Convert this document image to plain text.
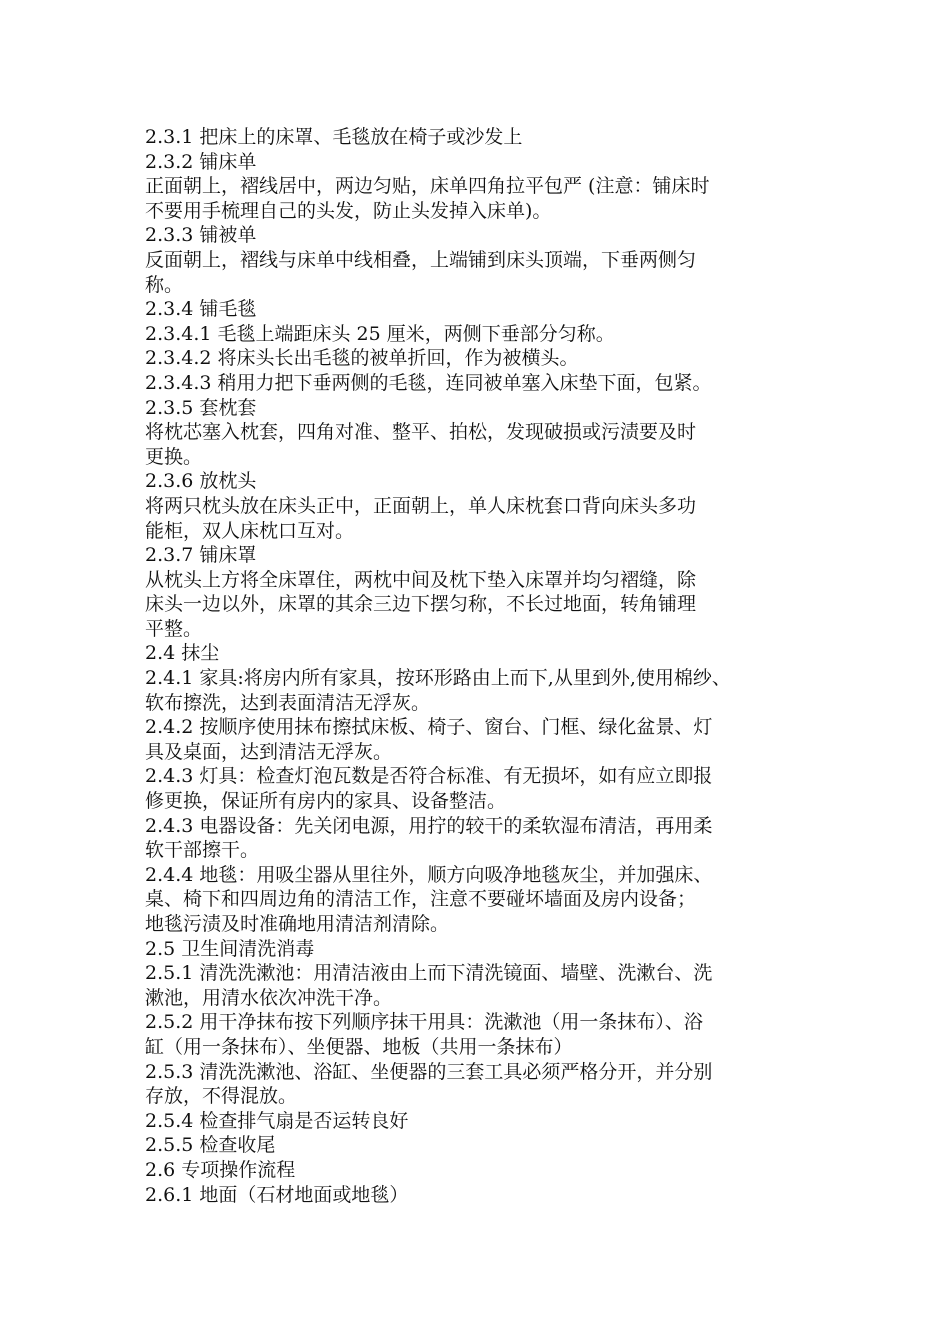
2.3.1 把床上的床罩、毛毯放在椅子或沙发上

2.3.2 铺床单

正面朝上，褶线居中，两边匀贴，床单四角拉平包严 (注意：铺床时

不要用手梳理自己的头发，防止头发掉入床单)。

2.3.3 铺被单

反面朝上，褶线与床单中线相叠，上端铺到床头顶端，下垂两侧匀

称。

2.3.4 铺毛毯

2.3.4.1 毛毯上端距床头 25 厘米，两侧下垂部分匀称。

2.3.4.2 将床头长出毛毯的被单折回，作为被横头。

2.3.4.3 稍用力把下垂两侧的毛毯，连同被单塞入床垫下面，包紧。

2.3.5 套枕套

将枕芯塞入枕套，四角对准、整平、拍松，发现破损或污渍要及时

更换。

2.3.6 放枕头

将两只枕头放在床头正中，正面朝上，单人床枕套口背向床头多功

能柜，双人床枕口互对。

2.3.7 铺床罩

从枕头上方将全床罩住，两枕中间及枕下垫入床罩并均匀褶缝，除

床头一边以外，床罩的其余三边下摆匀称，不长过地面，转角铺理

平整。

2.4 抹尘

2.4.1 家具:将房内所有家具，按环形路由上而下,从里到外,使用棉纱、

软布擦洗，达到表面清洁无浮灰。

2.4.2 按顺序使用抹布擦拭床板、椅子、窗台、门框、绿化盆景、灯

具及桌面，达到清洁无浮灰。

2.4.3 灯具：检查灯泡瓦数是否符合标准、有无损坏，如有应立即报

修更换，保证所有房内的家具、设备整洁。

2.4.3 电器设备：先关闭电源，用拧的较干的柔软湿布清洁，再用柔

软干部擦干。

2.4.4 地毯：用吸尘器从里往外，顺方向吸净地毯灰尘，并加强床、

桌、椅下和四周边角的清洁工作，注意不要碰坏墙面及房内设备；

地毯污渍及时准确地用清洁剂清除。

2.5 卫生间清洗消毒

2.5.1 清洗洗漱池：用清洁液由上而下清洗镜面、墙壁、洗漱台、洗

漱池，用清水依次冲洗干净。

2.5.2 用干净抹布按下列顺序抹干用具：洗漱池（用一条抹布）、浴

缸（用一条抹布）、坐便器、地板（共用一条抹布）

2.5.3 清洗洗漱池、浴缸、坐便器的三套工具必须严格分开，并分别

存放，不得混放。

2.5.4 检查排气扇是否运转良好

2.5.5 检查收尾

2.6 专项操作流程

2.6.1 地面（石材地面或地毯）
